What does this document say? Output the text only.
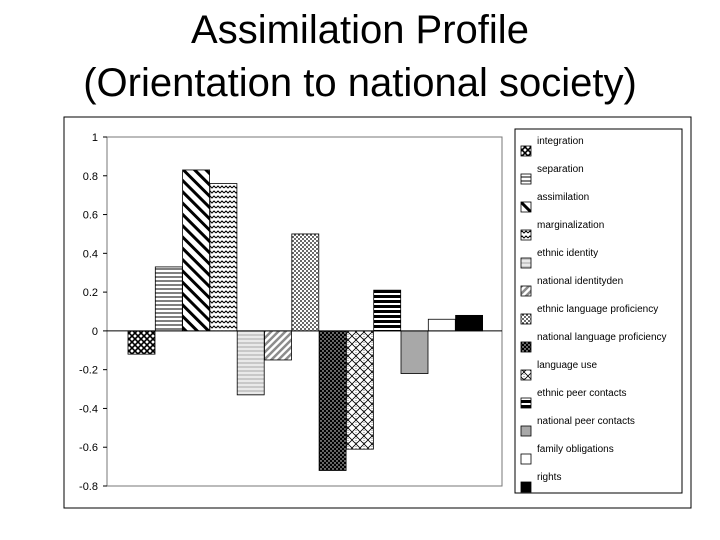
Assimilation Profile
(Orientation to national society)
1
0.8
0.6
0.4
0.2
0
-0.2
-0.4
-0.6
-0.8
integration
separation
assimilation
marginalization
ethnic identity
national identityden
ethnic language proficiency
national language proficiency
language use
ethnic peer contacts
national peer contacts
family obligations
rights
